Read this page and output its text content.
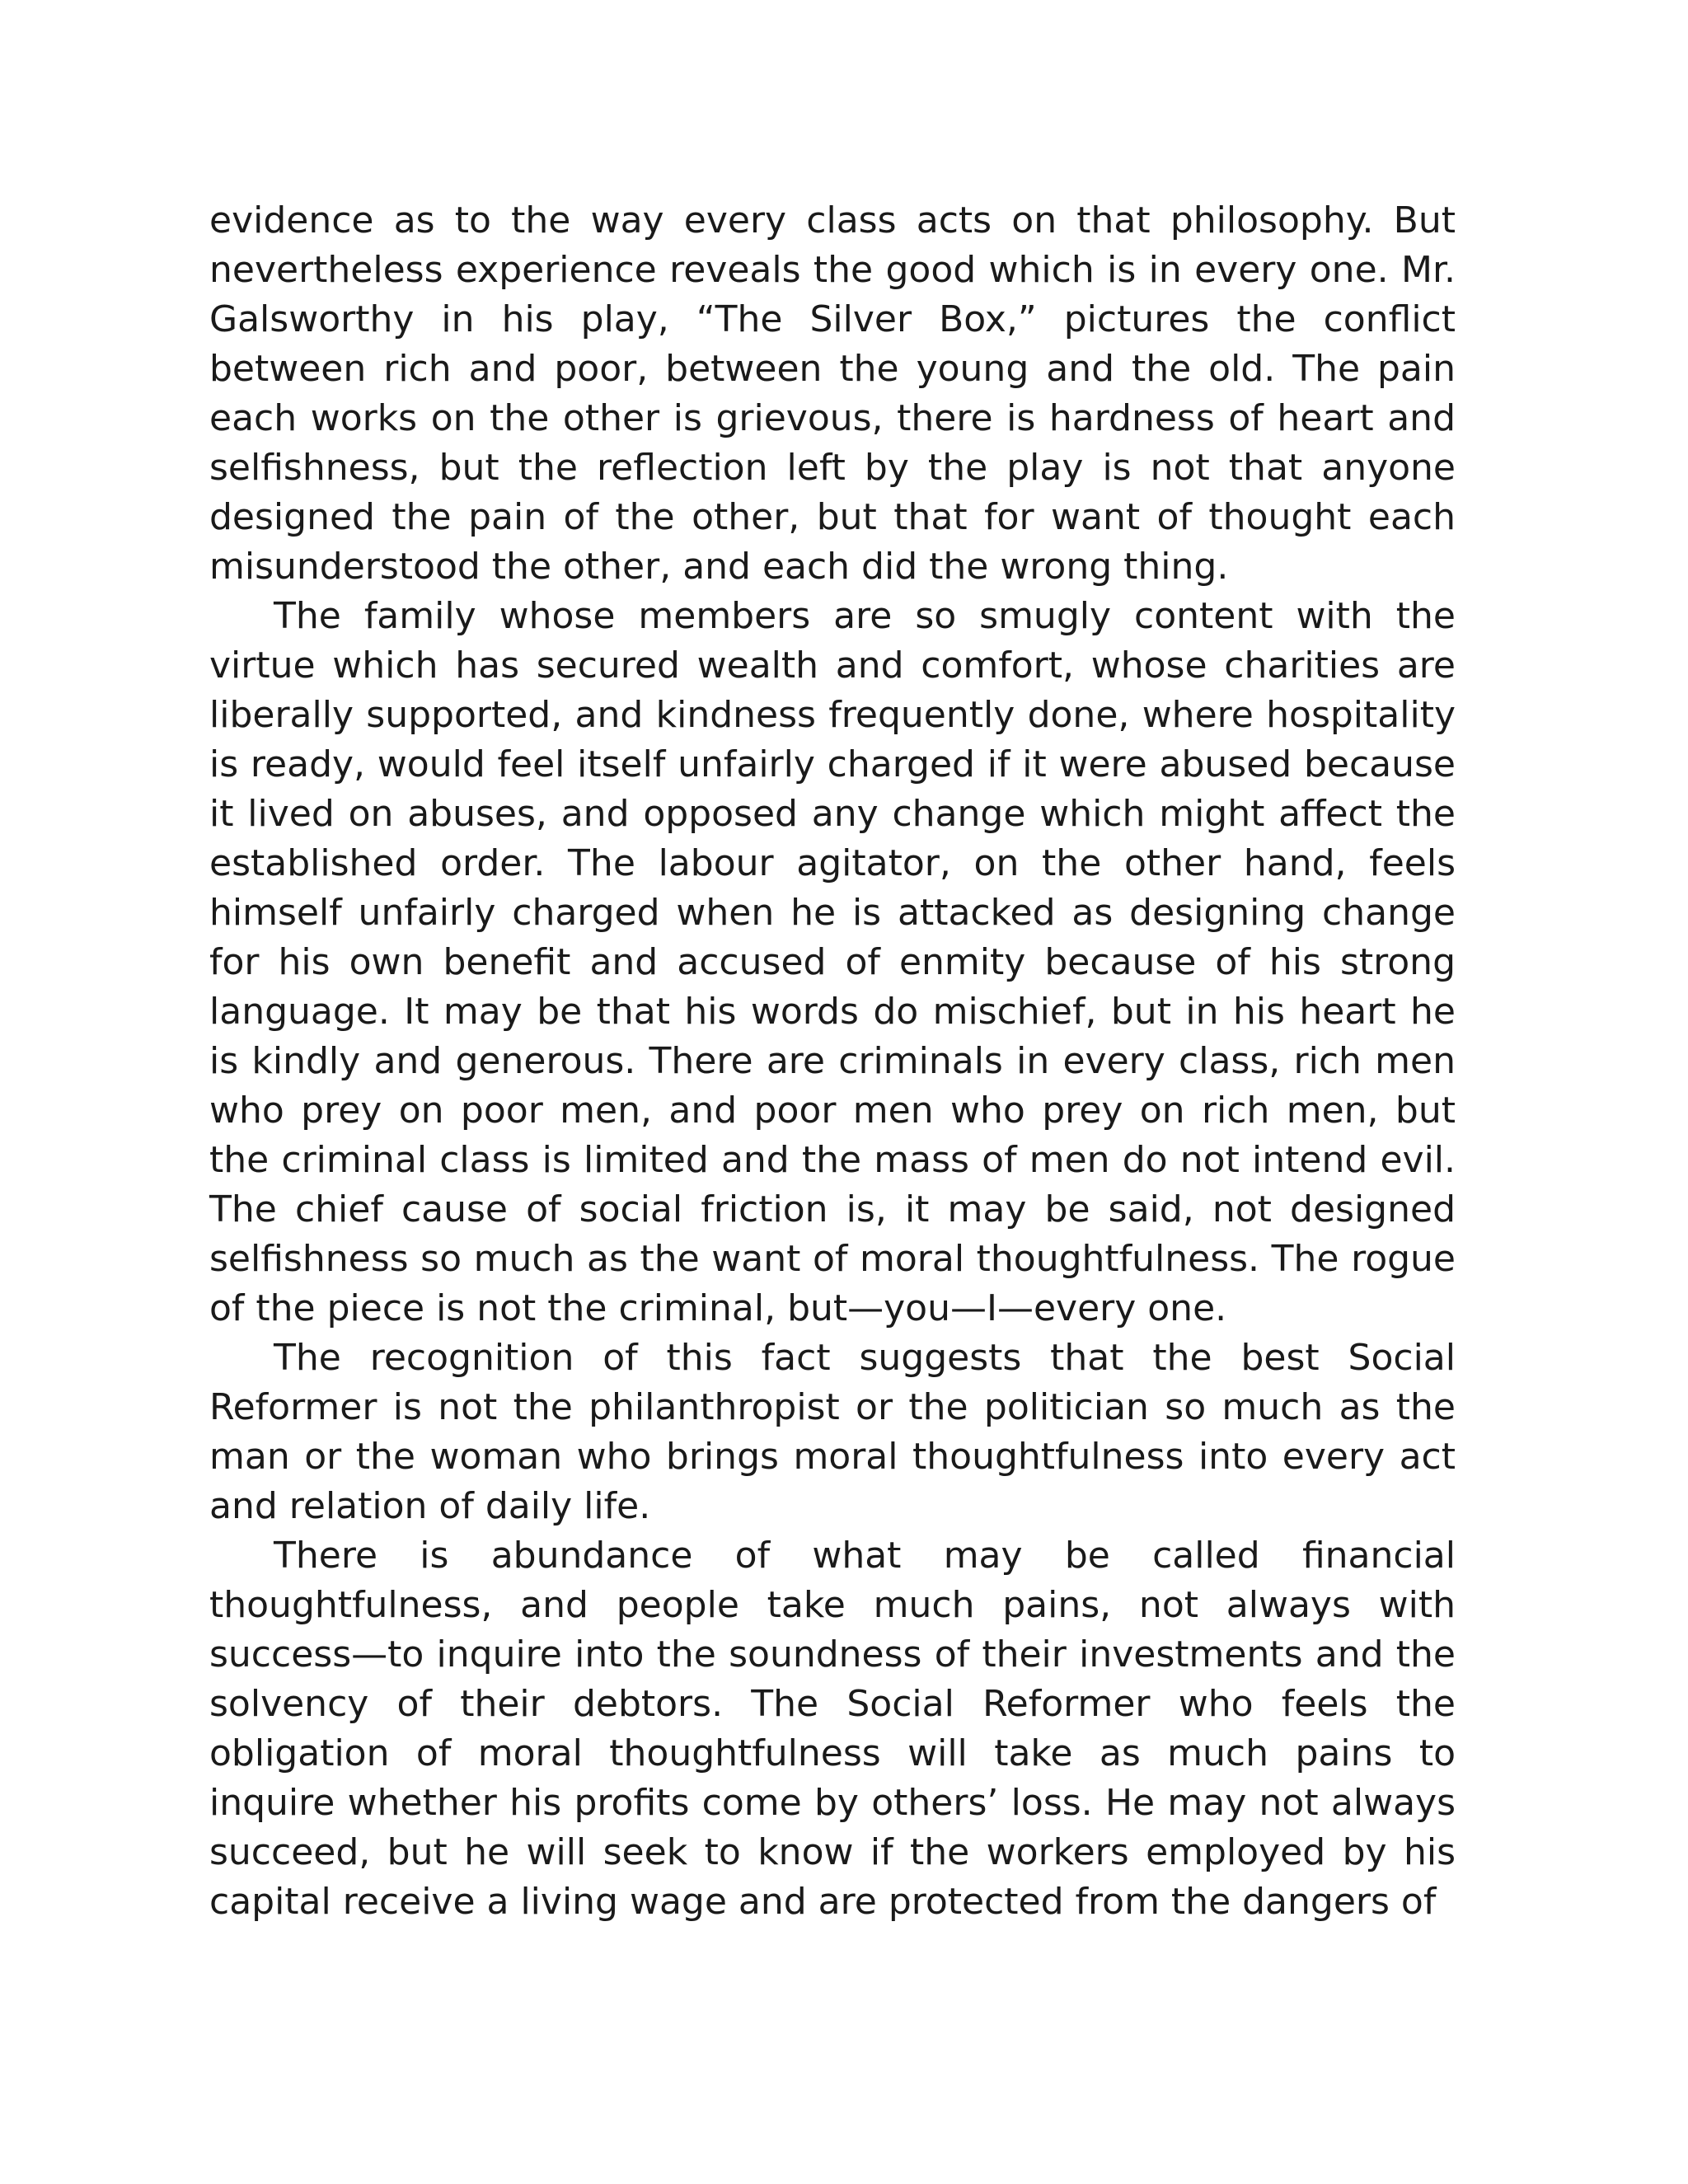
evidence as to the way every class acts on that philosophy. But nevertheless experience reveals the good which is in every one. Mr. Galsworthy in his play, “The Silver Box,” pictures the conflict between rich and poor, between the young and the old. The pain each works on the other is grievous, there is hardness of heart and selfishness, but the reflection left by the play is not that anyone designed the pain of the other, but that for want of thought each misunderstood the other, and each did the wrong thing.

The family whose members are so smugly content with the virtue which has secured wealth and comfort, whose charities are liberally supported, and kindness frequently done, where hospitality is ready, would feel itself unfairly charged if it were abused because it lived on abuses, and opposed any change which might affect the established order. The labour agitator, on the other hand, feels himself unfairly charged when he is attacked as designing change for his own benefit and accused of enmity because of his strong language. It may be that his words do mischief, but in his heart he is kindly and generous. There are criminals in every class, rich men who prey on poor men, and poor men who prey on rich men, but the criminal class is limited and the mass of men do not intend evil. The chief cause of social friction is, it may be said, not designed selfishness so much as the want of moral thoughtfulness. The rogue of the piece is not the criminal, but—you—I—every one.

The recognition of this fact suggests that the best Social Reformer is not the philanthropist or the politician so much as the man or the woman who brings moral thoughtfulness into every act and relation of daily life.

There is abundance of what may be called financial thoughtfulness, and people take much pains, not always with success—to inquire into the soundness of their investments and the solvency of their debtors. The Social Reformer who feels the obligation of moral thoughtfulness will take as much pains to inquire whether his profits come by others’ loss. He may not always succeed, but he will seek to know if the workers employed by his capital receive a living wage and are protected from the dangers of
